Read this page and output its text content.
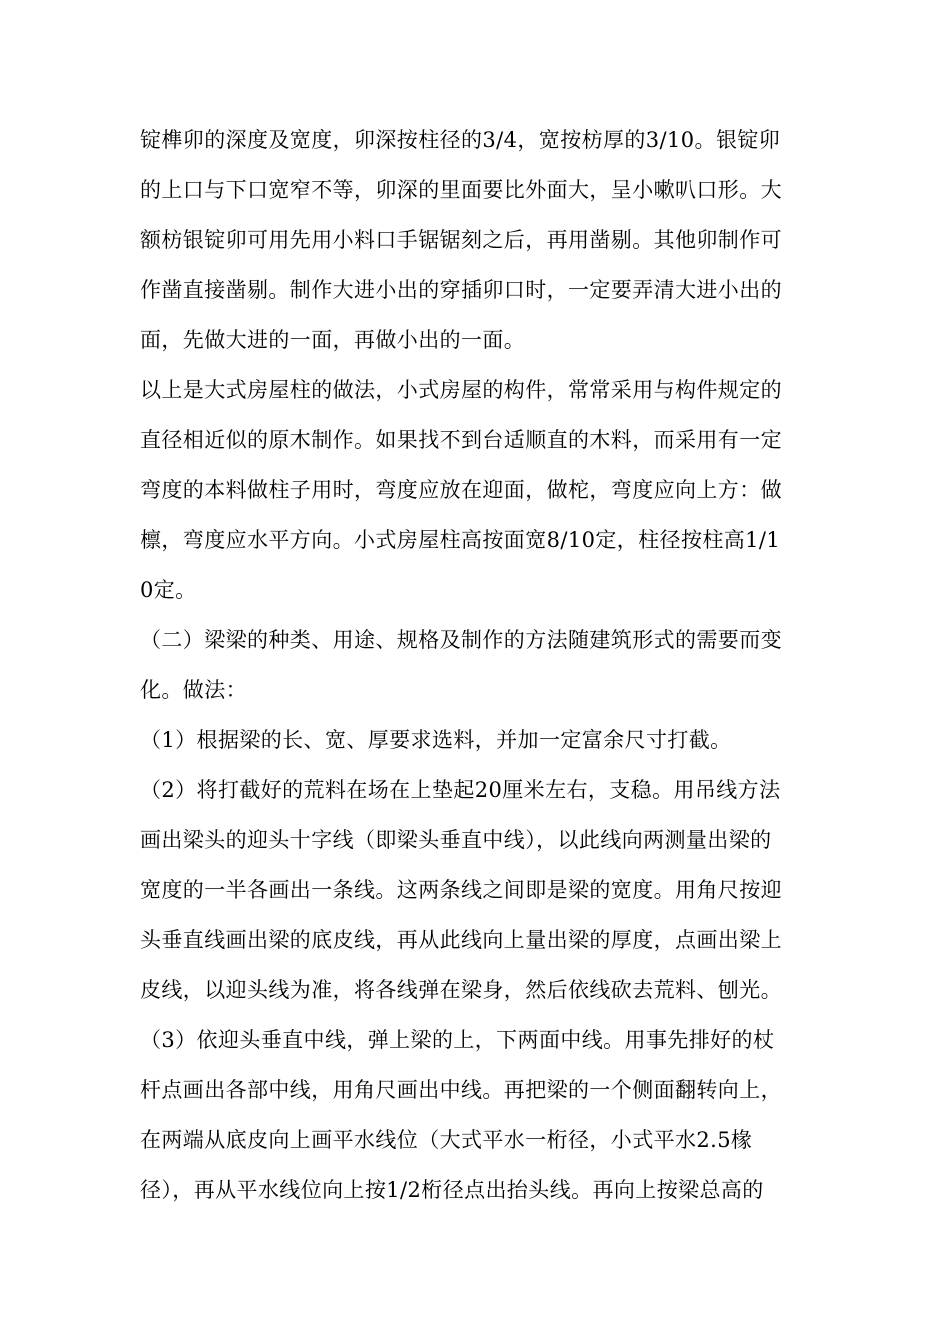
锭榫卯的深度及宽度，卯深按柱径的3/4，宽按枋厚的3/10。银锭卯
的上口与下口宽窄不等，卯深的里面要比外面大，呈小嗽叭口形。大
额枋银锭卯可用先用小料口手锯锯刻之后，再用凿剔。其他卯制作可
作凿直接凿剔。制作大进小出的穿插卯口时，一定要弄清大进小出的
面，先做大进的一面，再做小出的一面。
以上是大式房屋柱的做法，小式房屋的构件，常常采用与构件规定的
直径相近似的原木制作。如果找不到台适顺直的木料，而采用有一定
弯度的本料做柱子用时，弯度应放在迎面，做柁，弯度应向上方：做
檩，弯度应水平方向。小式房屋柱高按面宽8/10定，柱径按柱高1/1
0定。
（二）梁梁的种类、用途、规格及制作的方法随建筑形式的需要而变
化。做法：
（1）根据梁的长、宽、厚要求选料，并加一定富余尺寸打截。
（2）将打截好的荒料在场在上垫起20厘米左右，支稳。用吊线方法
画出梁头的迎头十字线（即梁头垂直中线），以此线向两测量出梁的
宽度的一半各画出一条线。这两条线之间即是梁的宽度。用角尺按迎
头垂直线画出梁的底皮线，再从此线向上量出梁的厚度，点画出梁上
皮线，以迎头线为准，将各线弹在梁身，然后依线砍去荒料、刨光。
（3）依迎头垂直中线，弹上梁的上，下两面中线。用事先排好的杖
杆点画出各部中线，用角尺画出中线。再把梁的一个侧面翻转向上，
在两端从底皮向上画平水线位（大式平水一桁径，小式平水2.5椽
径），再从平水线位向上按1/2桁径点出抬头线。再向上按梁总高的
